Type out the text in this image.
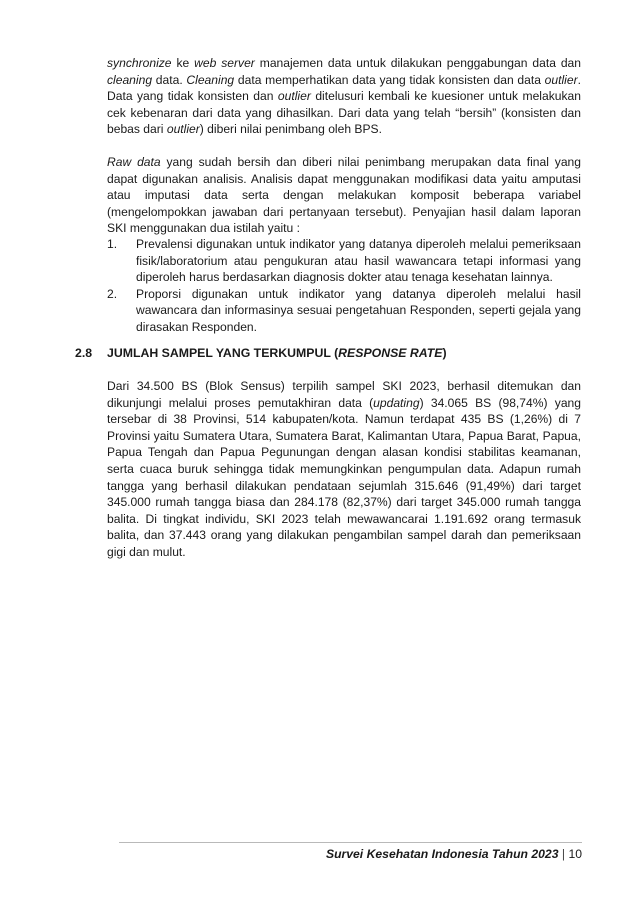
synchronize ke web server manajemen data untuk dilakukan penggabungan data dan cleaning data. Cleaning data memperhatikan data yang tidak konsisten dan data outlier. Data yang tidak konsisten dan outlier ditelusuri kembali ke kuesioner untuk melakukan cek kebenaran dari data yang dihasilkan. Dari data yang telah “bersih” (konsisten dan bebas dari outlier) diberi nilai penimbang oleh BPS.

Raw data yang sudah bersih dan diberi nilai penimbang merupakan data final yang dapat digunakan analisis. Analisis dapat menggunakan modifikasi data yaitu amputasi atau imputasi data serta dengan melakukan komposit beberapa variabel (mengelompokkan jawaban dari pertanyaan tersebut). Penyajian hasil dalam laporan SKI menggunakan dua istilah yaitu :

1. Prevalensi digunakan untuk indikator yang datanya diperoleh melalui pemeriksaan fisik/laboratorium atau pengukuran atau hasil wawancara tetapi informasi yang diperoleh harus berdasarkan diagnosis dokter atau tenaga kesehatan lainnya.
2. Proporsi digunakan untuk indikator yang datanya diperoleh melalui hasil wawancara dan informasinya sesuai pengetahuan Responden, seperti gejala yang dirasakan Responden.
2.8 JUMLAH SAMPEL YANG TERKUMPUL (RESPONSE RATE)

Dari 34.500 BS (Blok Sensus) terpilih sampel SKI 2023, berhasil ditemukan dan dikunjungi melalui proses pemutakhiran data (updating) 34.065 BS (98,74%) yang tersebar di 38 Provinsi, 514 kabupaten/kota. Namun terdapat 435 BS (1,26%) di 7 Provinsi yaitu Sumatera Utara, Sumatera Barat, Kalimantan Utara, Papua Barat, Papua, Papua Tengah dan Papua Pegunungan dengan alasan kondisi stabilitas keamanan, serta cuaca buruk sehingga tidak memungkinkan pengumpulan data. Adapun rumah tangga yang berhasil dilakukan pendataan sejumlah 315.646 (91,49%) dari target 345.000 rumah tangga biasa dan 284.178 (82,37%) dari target 345.000 rumah tangga balita. Di tingkat individu, SKI 2023 telah mewawancarai 1.191.692 orang termasuk balita, dan 37.443 orang yang dilakukan pengambilan sampel darah dan pemeriksaan gigi dan mulut.

Survei Kesehatan Indonesia Tahun 2023 | 10
